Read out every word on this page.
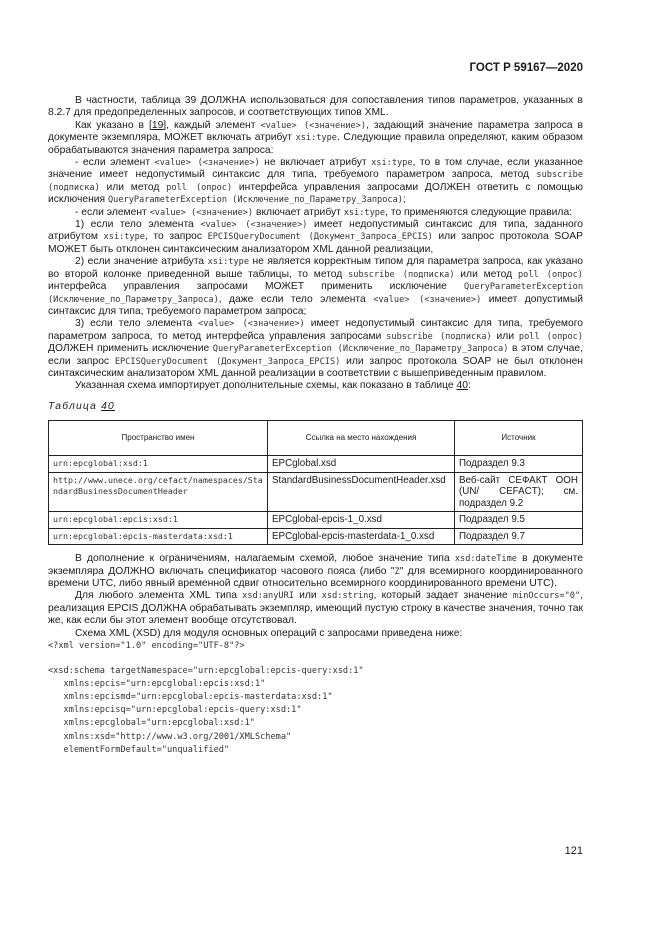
ГОСТ Р 59167—2020

В частности, таблица 39 ДОЛЖНА использоваться для сопоставления типов параметров, указанных в 8.2.7 для предопределенных запросов, и соответствующих типов XML.

Как указано в [19], каждый элемент <value> (<значение>), задающий значение параметра запроса в документе экземпляра, МОЖЕТ включать атрибут xsi:type. Следующие правила определяют, каким образом обрабатываются значения параметра запроса:

- если элемент <value> (<значение>) не включает атрибут xsi:type, то в том случае, если указанное значение имеет недопустимый синтаксис для типа, требуемого параметром запроса, метод subscribe (подписка) или метод poll (опрос) интерфейса управления запросами ДОЛЖЕН ответить с помощью исключения QueryParameterException (Исключение_по_Параметру_Запроса);

- если элемент <value> (<значение>) включает атрибут xsi:type, то применяются следующие правила:

1) если тело элемента <value> (<значение>) имеет недопустимый синтаксис для типа, заданного атрибутом xsi:type, то запрос EPCISQueryDocument (Документ_Запроса_EPCIS) или запрос протокола SOAP МОЖЕТ быть отклонен синтаксическим анализатором XML данной реализации,

2) если значение атрибута xsi:type не является корректным типом для параметра запроса, как указано во второй колонке приведенной выше таблицы, то метод subscribe (подписка) или метод poll (опрос) интерфейса управления запросами МОЖЕТ применить исключение QueryParameterException (Исключение_по_Параметру_Запроса), даже если тело элемента <value> (<значение>) имеет допустимый синтаксис для типа, требуемого параметром запроса;

3) если тело элемента <value> (<значение>) имеет недопустимый синтаксис для типа, требуемого параметром запроса, то метод интерфейса управления запросами subscribe (подписка) или poll (опрос) ДОЛЖЕН применить исключение QueryParameterException (Исключение_по_Параметру_Запроса) в этом случае, если запрос EPCISQueryDocument (Документ_Запроса_EPCIS) или запрос протокола SOAP не был отклонен синтаксическим анализатором XML данной реализации в соответствии с вышеприведенным правилом.

Указанная схема импортирует дополнительные схемы, как показано в таблице 40:

Таблица 40
Пространство имен	Ссылка на место нахождения	Источник
urn:epcglobal:xsd:1	EPCglobal.xsd	Подраздел 9.3
http://www.unece.org/cefact/namespaces/StandardBusinessDocumentHeader	StandardBusinessDocumentHeader.xsd	Веб-сайт СЕФАКТ ООН (UN/ CEFACT); см. подраздел 9.2
urn:epcglobal:epcis:xsd:1	EPCglobal-epcis-1_0.xsd	Подраздел 9.5
urn:epcglobal:epcis-masterdata:xsd:1	EPCglobal-epcis-masterdata-1_0.xsd	Подраздел 9.7

В дополнение к ограничениям, налагаемым схемой, любое значение типа xsd:dateTime в документе экземпляра ДОЛЖНО включать спецификатор часового пояса (либо "Z" для всемирного координированного времени UTC, либо явный временной сдвиг относительно всемирного координированного времени UTC).

Для любого элемента XML типа xsd:anyURI или xsd:string, который задает значение minOccurs="0", реализация EPCIS ДОЛЖНА обрабатывать экземпляр, имеющий пустую строку в качестве значения, точно так же, как если бы этот элемент вообще отсутствовал.

Схема XML (XSD) для модуля основных операций с запросами приведена ниже:

<?xml version="1.0" encoding="UTF-8"?>
<xsd:schema targetNamespace="urn:epcglobal:epcis-query:xsd:1"
xmlns:epcis="urn:epcglobal:epcis:xsd:1"
xmlns:epcismd="urn:epcglobal:epcis-masterdata:xsd:1"
xmlns:epcisq="urn:epcglobal:epcis-query:xsd:1"
xmlns:epcglobal="urn:epcglobal:xsd:1"
xmlns:xsd="http://www.w3.org/2001/XMLSchema"
elementFormDefault="unqualified"
121
